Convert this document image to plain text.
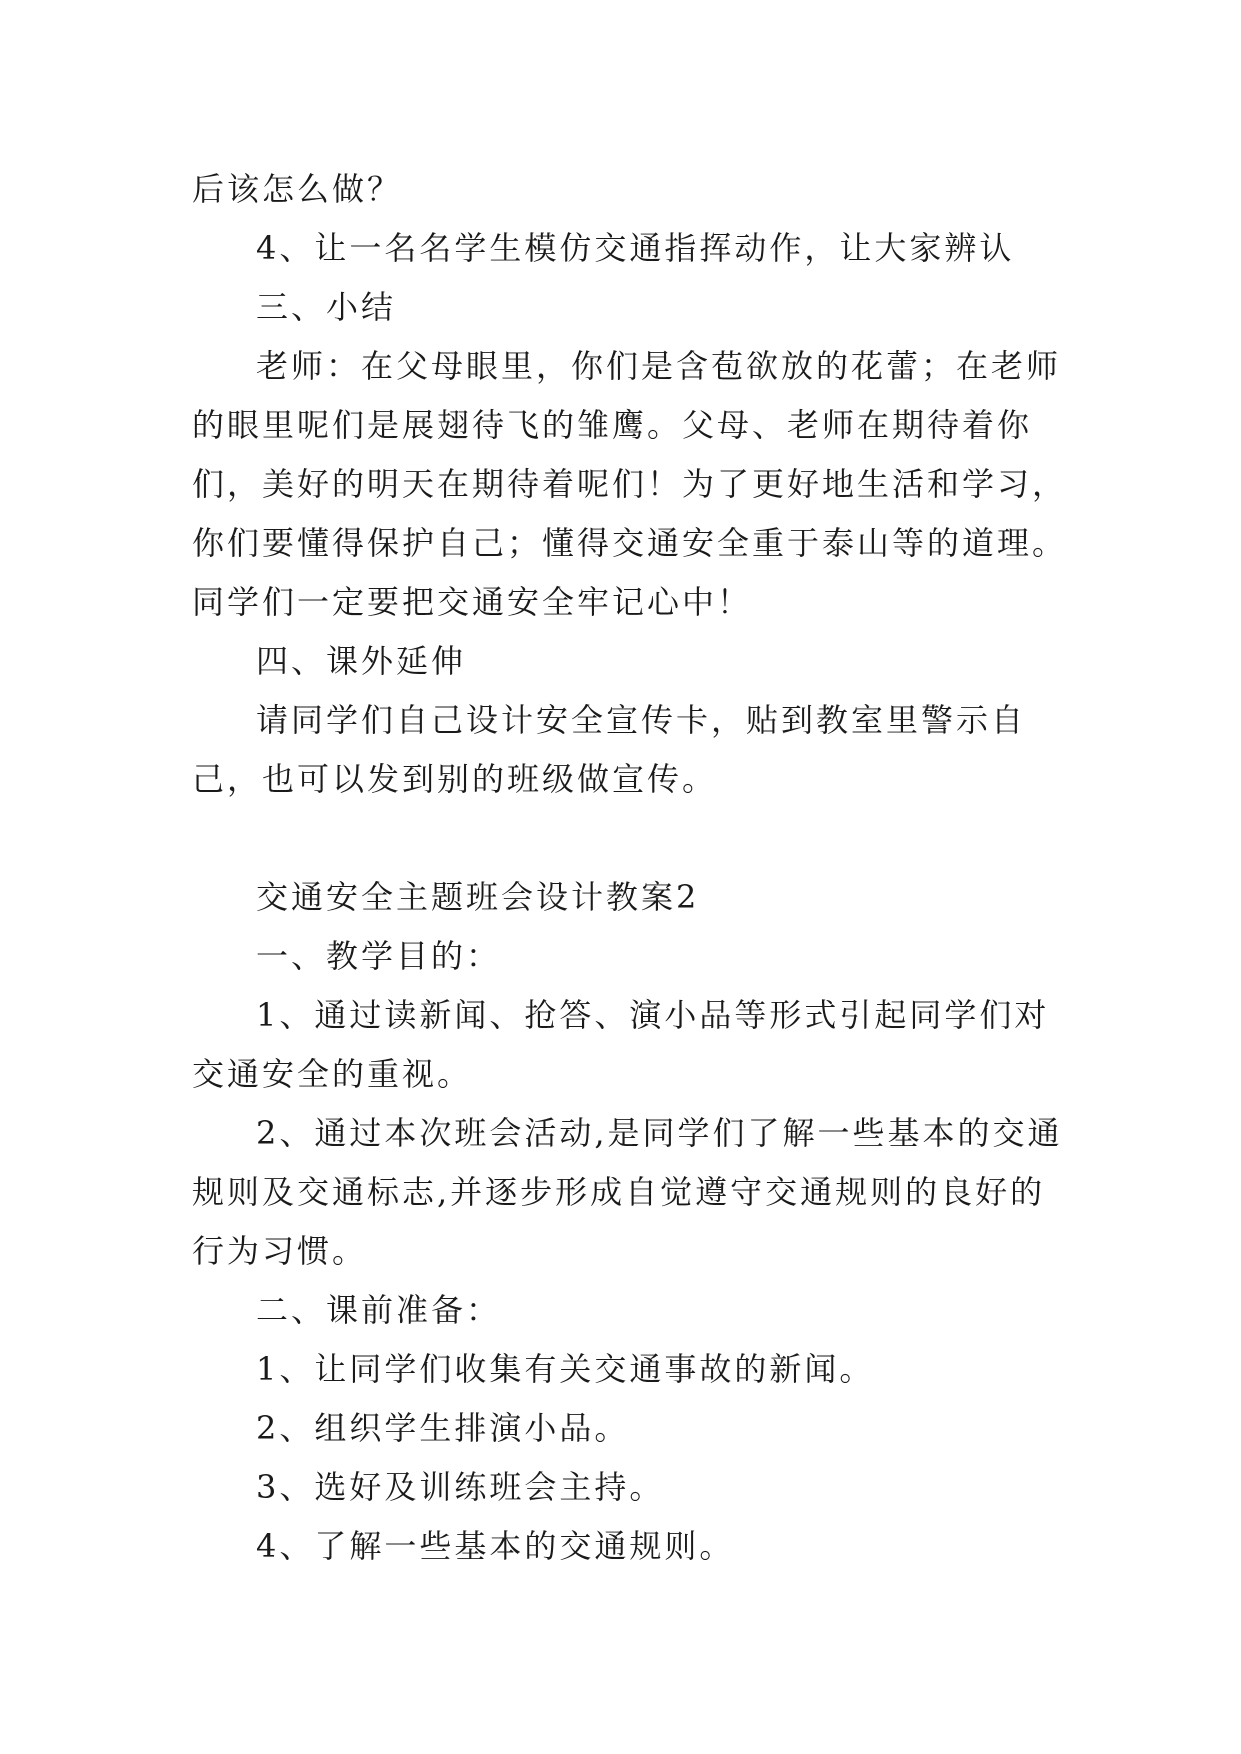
后该怎么做？

4、让一名名学生模仿交通指挥动作，让大家辨认

三、小结

老师：在父母眼里，你们是含苞欲放的花蕾；在老师的眼里呢们是展翅待飞的雏鹰。父母、老师在期待着你们，美好的明天在期待着呢们！为了更好地生活和学习，你们要懂得保护自己；懂得交通安全重于泰山等的道理。同学们一定要把交通安全牢记心中！

四、课外延伸

请同学们自己设计安全宣传卡，贴到教室里警示自己，也可以发到别的班级做宣传。

交通安全主题班会设计教案2

一、教学目的：

1、通过读新闻、抢答、演小品等形式引起同学们对交通安全的重视。

2、通过本次班会活动,是同学们了解一些基本的交通规则及交通标志,并逐步形成自觉遵守交通规则的良好的行为习惯。

二、课前准备：

1、让同学们收集有关交通事故的新闻。

2、组织学生排演小品。

3、选好及训练班会主持。

4、了解一些基本的交通规则。
